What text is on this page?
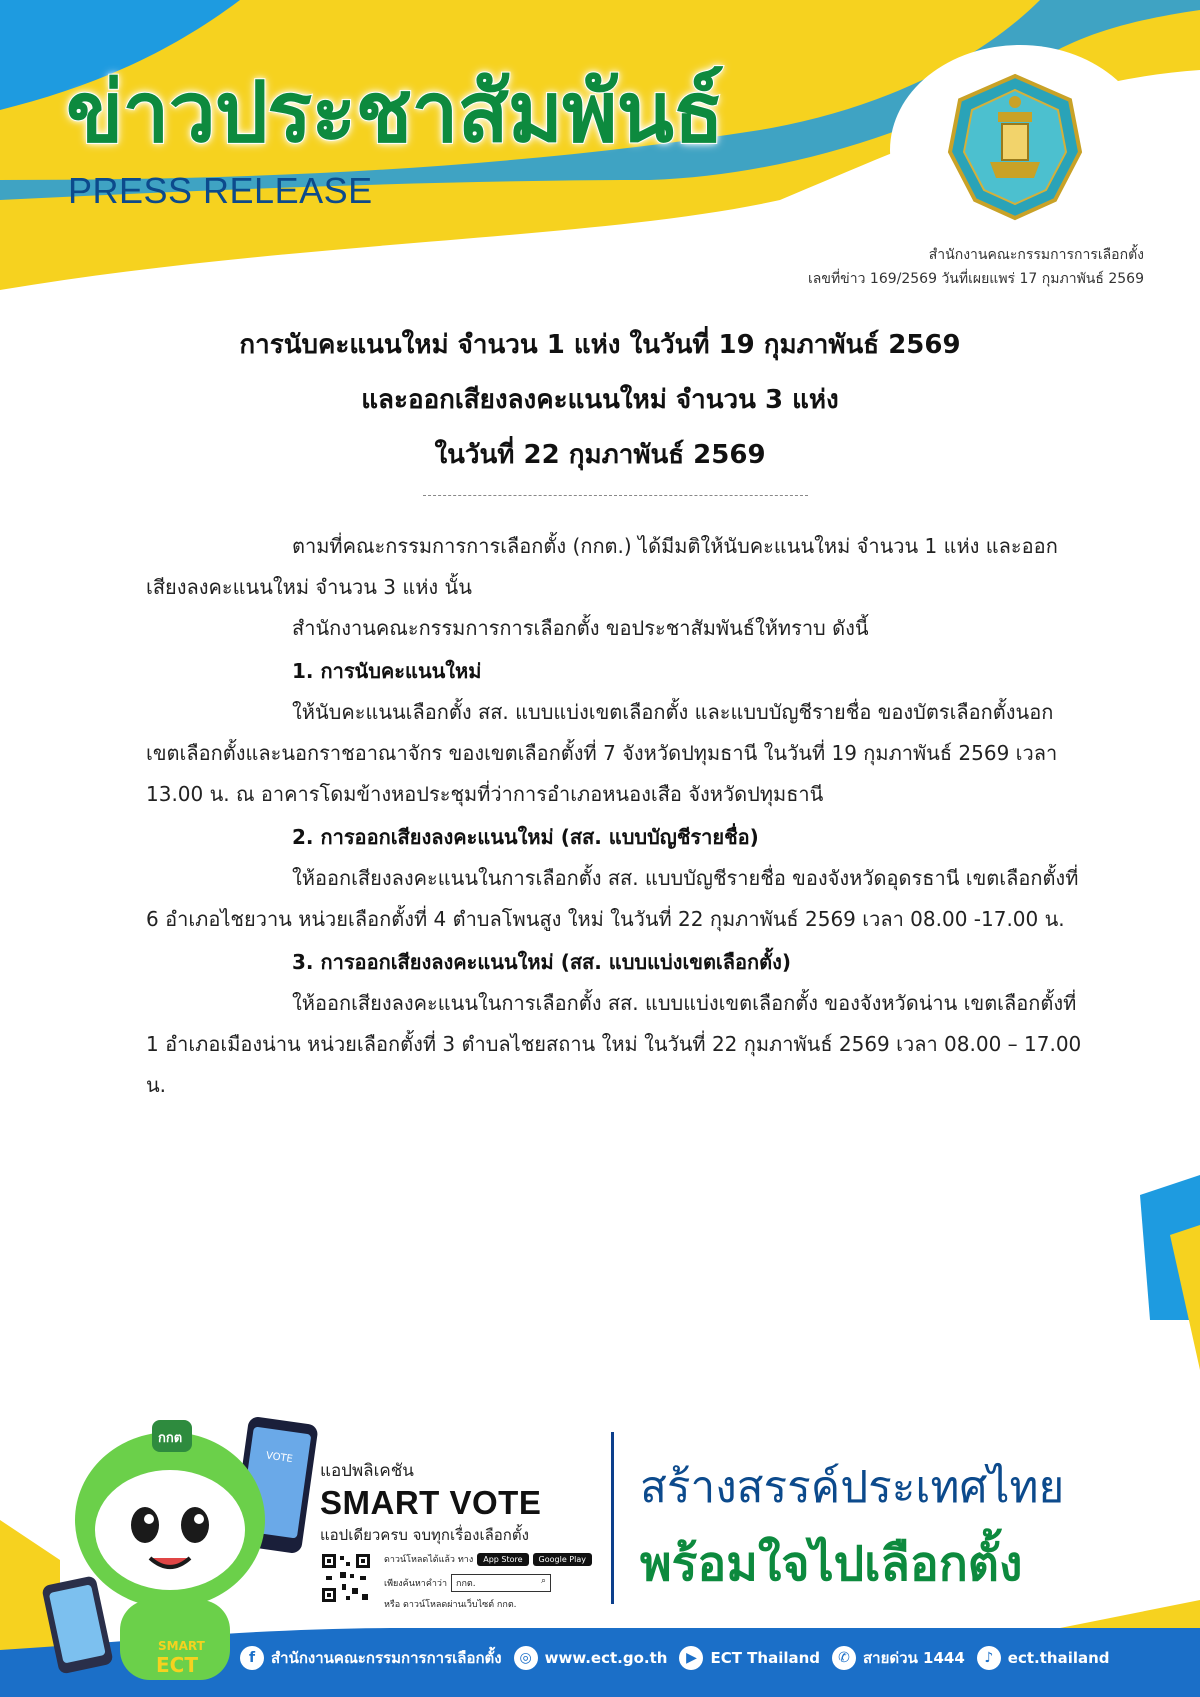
ข่าวประชาสัมพันธ์
PRESS RELEASE
สำนักงานคณะกรรมการการเลือกตั้ง
เลขที่ข่าว 169/2569 วันที่เผยแพร่ 17 กุมภาพันธ์ 2569
การนับคะแนนใหม่ จำนวน 1 แห่ง ในวันที่ 19 กุมภาพันธ์ 2569
และออกเสียงลงคะแนนใหม่ จำนวน 3 แห่ง
ในวันที่ 22 กุมภาพันธ์ 2569

ตามที่คณะกรรมการการเลือกตั้ง (กกต.) ได้มีมติให้นับคะแนนใหม่ จำนวน 1 แห่ง และออกเสียงลงคะแนนใหม่ จำนวน 3 แห่ง นั้น

สำนักงานคณะกรรมการการเลือกตั้ง ขอประชาสัมพันธ์ให้ทราบ ดังนี้

1. การนับคะแนนใหม่

ให้นับคะแนนเลือกตั้ง สส. แบบแบ่งเขตเลือกตั้ง และแบบบัญชีรายชื่อ ของบัตรเลือกตั้งนอกเขตเลือกตั้งและนอกราชอาณาจักร ของเขตเลือกตั้งที่ 7 จังหวัดปทุมธานี ในวันที่ 19 กุมภาพันธ์ 2569 เวลา 13.00 น. ณ อาคารโดมข้างหอประชุมที่ว่าการอำเภอหนองเสือ จังหวัดปทุมธานี

2. การออกเสียงลงคะแนนใหม่ (สส. แบบบัญชีรายชื่อ)

ให้ออกเสียงลงคะแนนในการเลือกตั้ง สส. แบบบัญชีรายชื่อ ของจังหวัดอุดรธานี เขตเลือกตั้งที่ 6 อำเภอไชยวาน หน่วยเลือกตั้งที่ 4 ตำบลโพนสูง ใหม่ ในวันที่ 22 กุมภาพันธ์ 2569 เวลา 08.00 -17.00 น.

3. การออกเสียงลงคะแนนใหม่ (สส. แบบแบ่งเขตเลือกตั้ง)

ให้ออกเสียงลงคะแนนในการเลือกตั้ง สส. แบบแบ่งเขตเลือกตั้ง ของจังหวัดน่าน เขตเลือกตั้งที่ 1 อำเภอเมืองน่าน หน่วยเลือกตั้งที่ 3 ตำบลไชยสถาน ใหม่ ในวันที่ 22 กุมภาพันธ์ 2569 เวลา 08.00 – 17.00 น.

VOTE
กกต
SMART
ECT
แอปพลิเคชัน
SMART VOTE
แอปเดียวครบ จบทุกเรื่องเลือกตั้ง
ดาวน์โหลดได้แล้ว ทาง	App Store	Google Play
เพียงค้นหาคำว่า กกต.	⌕
หรือ ดาวน์โหลดผ่านเว็บไซต์ กกต.
สร้างสรรค์ประเทศไทย
พร้อมใจไปเลือกตั้ง
f	สำนักงานคณะกรรมการการเลือกตั้ง	◎ www.ect.go.th	▶ ECT Thailand	✆ สายด่วน 1444	♪ ect.thailand
